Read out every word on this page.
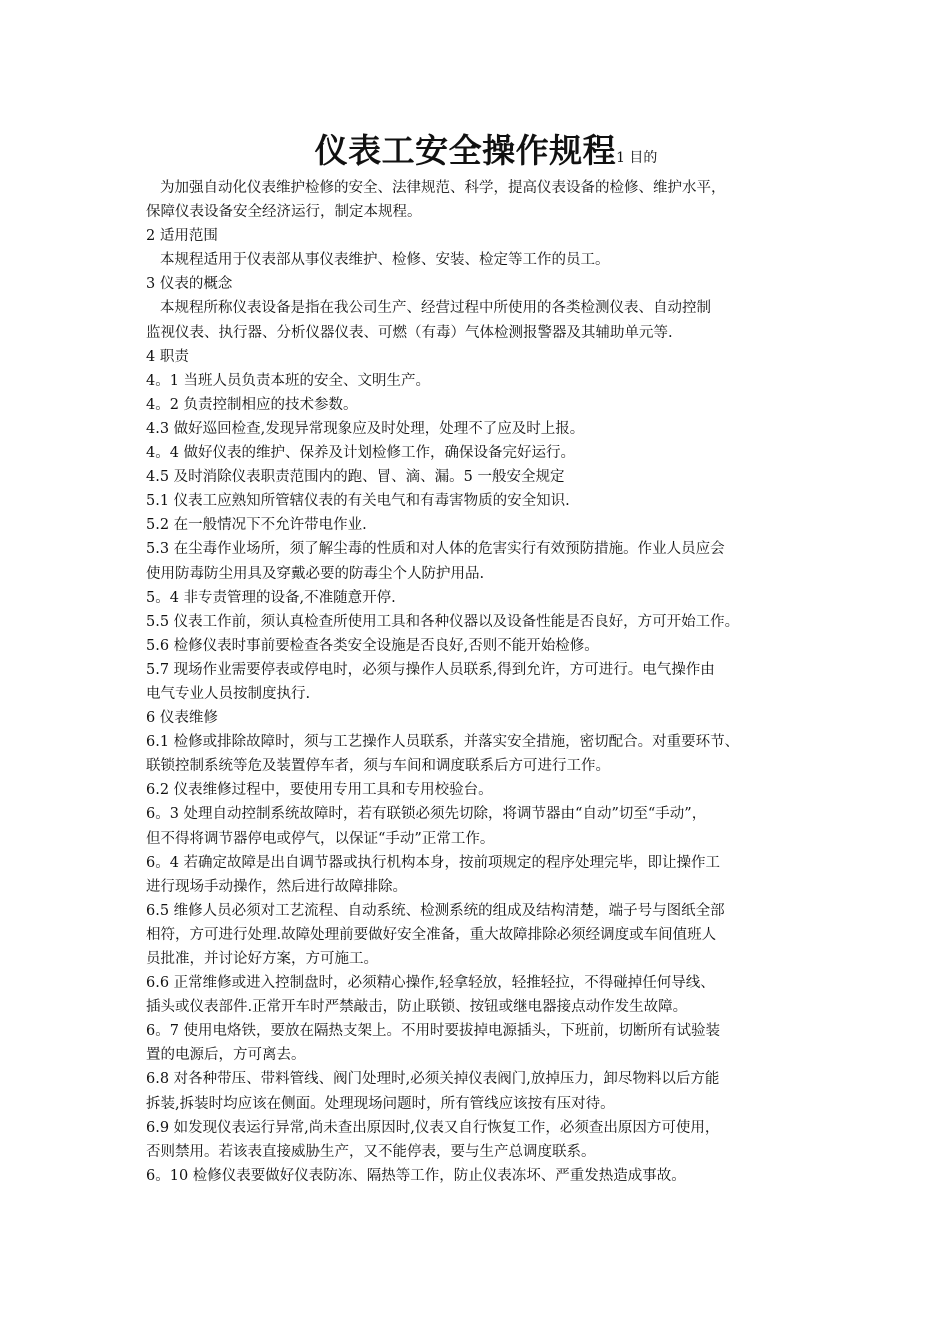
仪表工安全操作规程1 目的
为加强自动化仪表维护检修的安全、法律规范、科学，提高仪表设备的检修、维护水平，
保障仪表设备安全经济运行，制定本规程。
2 适用范围
本规程适用于仪表部从事仪表维护、检修、安装、检定等工作的员工。
3 仪表的概念
本规程所称仪表设备是指在我公司生产、经营过程中所使用的各类检测仪表、自动控制
监视仪表、执行器、分析仪器仪表、可燃（有毒）气体检测报警器及其辅助单元等.
4 职责
4。1 当班人员负责本班的安全、文明生产。
4。2 负责控制相应的技术参数。
4.3 做好巡回检查,发现异常现象应及时处理，处理不了应及时上报。
4。4 做好仪表的维护、保养及计划检修工作，确保设备完好运行。
4.5 及时消除仪表职责范围内的跑、冒、滴、漏。5 一般安全规定
5.1 仪表工应熟知所管辖仪表的有关电气和有毒害物质的安全知识.
5.2 在一般情况下不允许带电作业.
5.3 在尘毒作业场所，须了解尘毒的性质和对人体的危害实行有效预防措施。作业人员应会
使用防毒防尘用具及穿戴必要的防毒尘个人防护用品.
5。4 非专责管理的设备,不准随意开停.
5.5 仪表工作前，须认真检查所使用工具和各种仪器以及设备性能是否良好，方可开始工作。
5.6 检修仪表时事前要检查各类安全设施是否良好,否则不能开始检修。
5.7 现场作业需要停表或停电时，必须与操作人员联系,得到允许，方可进行。电气操作由
电气专业人员按制度执行.
6 仪表维修
6.1 检修或排除故障时，须与工艺操作人员联系，并落实安全措施，密切配合。对重要环节、
联锁控制系统等危及装置停车者，须与车间和调度联系后方可进行工作。
6.2 仪表维修过程中，要使用专用工具和专用校验台。
6。3 处理自动控制系统故障时，若有联锁必须先切除，将调节器由“自动”切至“手动”，
但不得将调节器停电或停气，以保证“手动”正常工作。
6。4 若确定故障是出自调节器或执行机构本身，按前项规定的程序处理完毕，即让操作工
进行现场手动操作，然后进行故障排除。
6.5 维修人员必须对工艺流程、自动系统、检测系统的组成及结构清楚，端子号与图纸全部
相符，方可进行处理.故障处理前要做好安全准备，重大故障排除必须经调度或车间值班人
员批准，并讨论好方案，方可施工。
6.6 正常维修或进入控制盘时，必须精心操作,轻拿轻放，轻推轻拉，不得碰掉任何导线、
插头或仪表部件.正常开车时严禁敲击，防止联锁、按钮或继电器接点动作发生故障。
6。7 使用电烙铁，要放在隔热支架上。不用时要拔掉电源插头，下班前，切断所有试验装
置的电源后，方可离去。
6.8 对各种带压、带料管线、阀门处理时,必须关掉仪表阀门,放掉压力，卸尽物料以后方能
拆装,拆装时均应该在侧面。处理现场问题时，所有管线应该按有压对待。
6.9 如发现仪表运行异常,尚未查出原因时,仪表又自行恢复工作，必须查出原因方可使用，
否则禁用。若该表直接威胁生产，又不能停表，要与生产总调度联系。
6。10 检修仪表要做好仪表防冻、隔热等工作，防止仪表冻坏、严重发热造成事故。
